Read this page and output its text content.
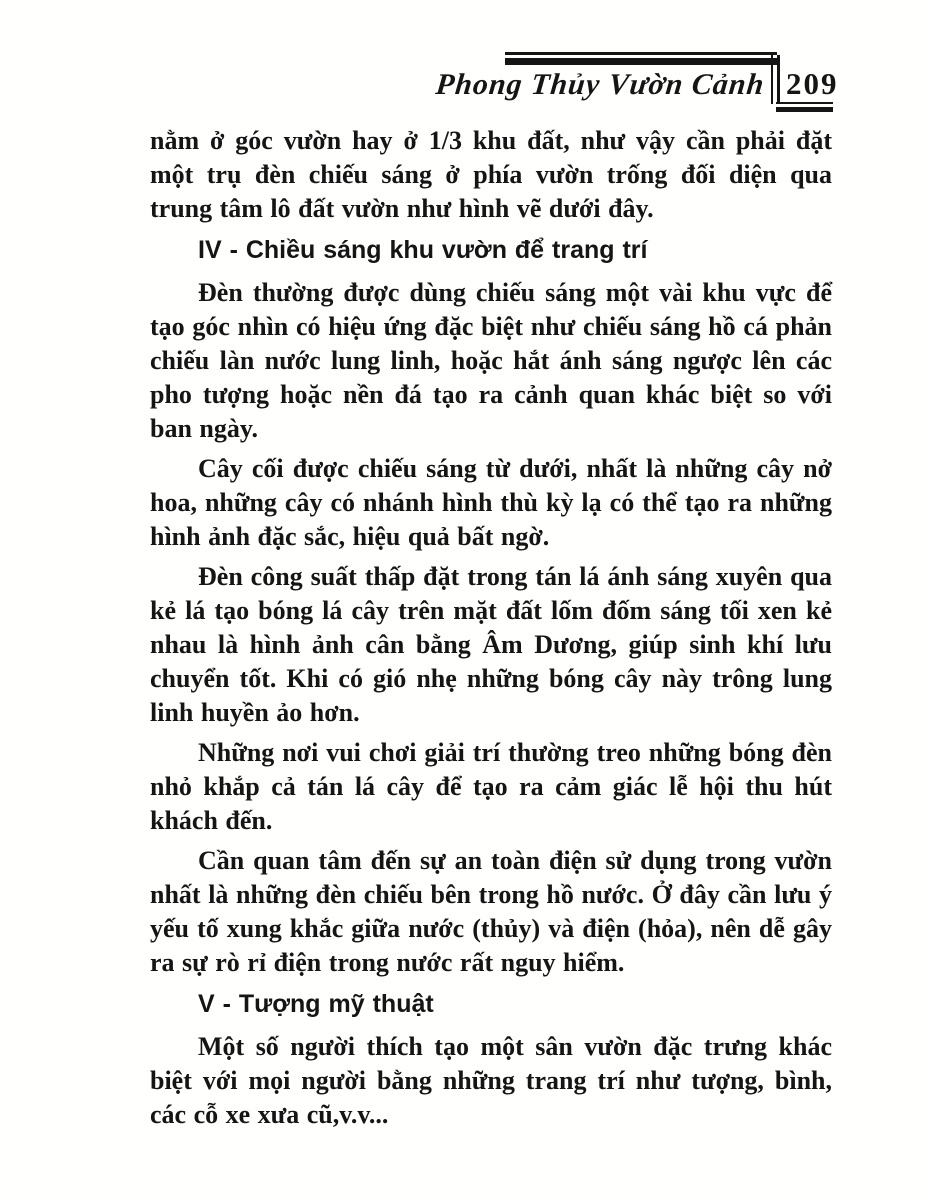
Phong Thủy Vườn Cảnh 209

nằm ở góc vườn hay ở 1/3 khu đất, như vậy cần phải đặt một trụ đèn chiếu sáng ở phía vườn trống đối diện qua trung tâm lô đất vườn như hình vẽ dưới đây.

IV - Chiều sáng khu vườn để trang trí

Đèn thường được dùng chiếu sáng một vài khu vực để tạo góc nhìn có hiệu ứng đặc biệt như chiếu sáng hồ cá phản chiếu làn nước lung linh, hoặc hắt ánh sáng ngược lên các pho tượng hoặc nền đá tạo ra cảnh quan khác biệt so với ban ngày.

Cây cối được chiếu sáng từ dưới, nhất là những cây nở hoa, những cây có nhánh hình thù kỳ lạ có thể tạo ra những hình ảnh đặc sắc, hiệu quả bất ngờ.

Đèn công suất thấp đặt trong tán lá ánh sáng xuyên qua kẻ lá tạo bóng lá cây trên mặt đất lốm đốm sáng tối xen kẻ nhau là hình ảnh cân bằng Âm Dương, giúp sinh khí lưu chuyển tốt. Khi có gió nhẹ những bóng cây này trông lung linh huyền ảo hơn.

Những nơi vui chơi giải trí thường treo những bóng đèn nhỏ khắp cả tán lá cây để tạo ra cảm giác lễ hội thu hút khách đến.

Cần quan tâm đến sự an toàn điện sử dụng trong vườn nhất là những đèn chiếu bên trong hồ nước. Ở đây cần lưu ý yếu tố xung khắc giữa nước (thủy) và điện (hỏa), nên dễ gây ra sự rò rỉ điện trong nước rất nguy hiểm.

V - Tượng mỹ thuật

Một số người thích tạo một sân vườn đặc trưng khác biệt với mọi người bằng những trang trí như tượng, bình, các cỗ xe xưa cũ,v.v...
